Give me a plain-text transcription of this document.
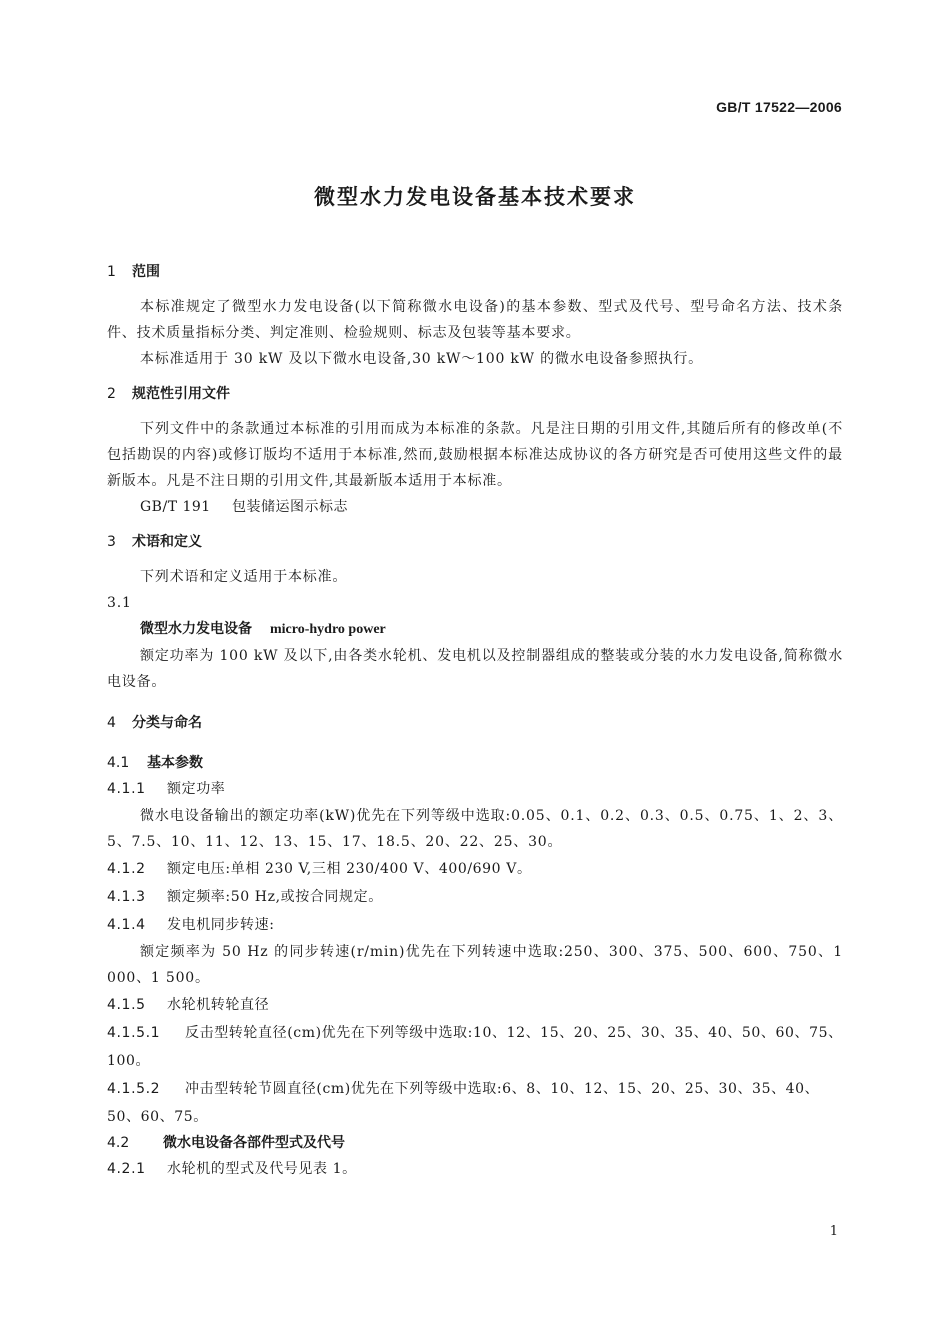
GB/T 17522—2006
微型水力发电设备基本技术要求
1 范围
本标准规定了微型水力发电设备(以下简称微水电设备)的基本参数、型式及代号、型号命名方法、技术条件、技术质量指标分类、判定准则、检验规则、标志及包装等基本要求。
本标准适用于 30 kW 及以下微水电设备,30 kW～100 kW 的微水电设备参照执行。
2 规范性引用文件
下列文件中的条款通过本标准的引用而成为本标准的条款。凡是注日期的引用文件,其随后所有的修改单(不包括勘误的内容)或修订版均不适用于本标准,然而,鼓励根据本标准达成协议的各方研究是否可使用这些文件的最新版本。凡是不注日期的引用文件,其最新版本适用于本标准。
GB/T 191 包装储运图示标志
3 术语和定义
下列术语和定义适用于本标准。
3.1
微型水力发电设备 micro-hydro power
额定功率为 100 kW 及以下,由各类水轮机、发电机以及控制器组成的整装或分装的水力发电设备,简称微水电设备。
4 分类与命名
4.1 基本参数
4.1.1 额定功率
微水电设备输出的额定功率(kW)优先在下列等级中选取:0.05、0.1、0.2、0.3、0.5、0.75、1、2、3、5、7.5、10、11、12、13、15、17、18.5、20、22、25、30。
4.1.2 额定电压:单相 230 V,三相 230/400 V、400/690 V。
4.1.3 额定频率:50 Hz,或按合同规定。
4.1.4 发电机同步转速:
额定频率为 50 Hz 的同步转速(r/min)优先在下列转速中选取:250、300、375、500、600、750、1 000、1 500。
4.1.5 水轮机转轮直径
4.1.5.1 反击型转轮直径(cm)优先在下列等级中选取:10、12、15、20、25、30、35、40、50、60、75、100。
4.1.5.2 冲击型转轮节圆直径(cm)优先在下列等级中选取:6、8、10、12、15、20、25、30、35、40、50、60、75。
4.2 微水电设备各部件型式及代号
4.2.1 水轮机的型式及代号见表 1。
1
